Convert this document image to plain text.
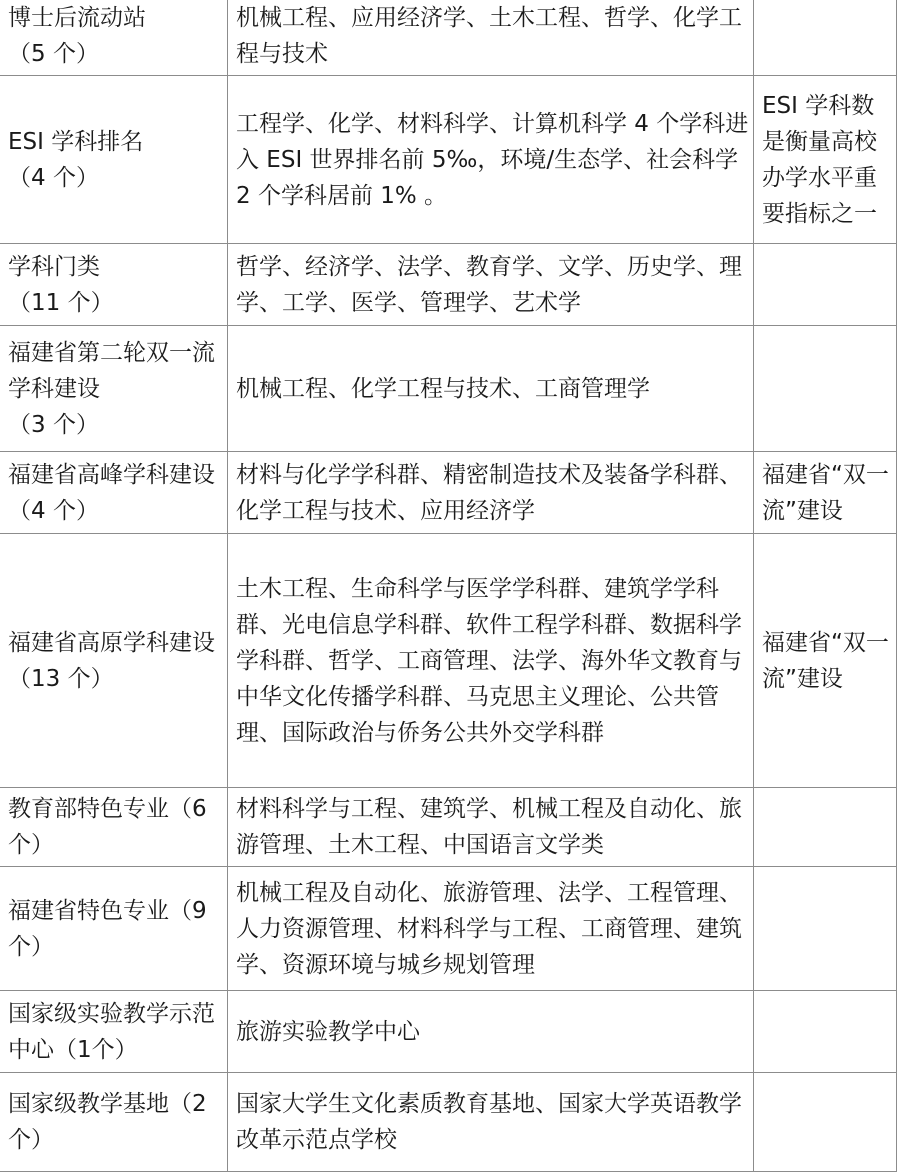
博士后流动站
（5 个）	机械工程、应用经济学、土木工程、哲学、化学工程与技术	

ESI 学科排名
（4 个）	工程学、化学、材料科学、计算机科学 4 个学科进入 ESI 世界排名前 5‰，环境/生态学、社会科学 2 个学科居前 1% 。	ESI 学科数是衡量高校办学水平重要指标之一

学科门类
（11 个）	哲学、经济学、法学、教育学、文学、历史学、理学、工学、医学、管理学、艺术学	

福建省第二轮双一流学科建设
（3 个）	机械工程、化学工程与技术、工商管理学	

福建省高峰学科建设（4 个）	材料与化学学科群、精密制造技术及装备学科群、化学工程与技术、应用经济学	福建省“双一流”建设

福建省高原学科建设（13 个）	土木工程、生命科学与医学学科群、建筑学学科群、光电信息学科群、软件工程学科群、数据科学学科群、哲学、工商管理、法学、海外华文教育与中华文化传播学科群、马克思主义理论、公共管理、国际政治与侨务公共外交学科群	福建省“双一流”建设

教育部特色专业（6 个）	材料科学与工程、建筑学、机械工程及自动化、旅游管理、土木工程、中国语言文学类	

福建省特色专业（9 个）	机械工程及自动化、旅游管理、法学、工程管理、人力资源管理、材料科学与工程、工商管理、建筑学、资源环境与城乡规划管理	

国家级实验教学示范中心（1个）	旅游实验教学中心	

国家级教学基地（2 个）	国家大学生文化素质教育基地、国家大学英语教学改革示范点学校	
